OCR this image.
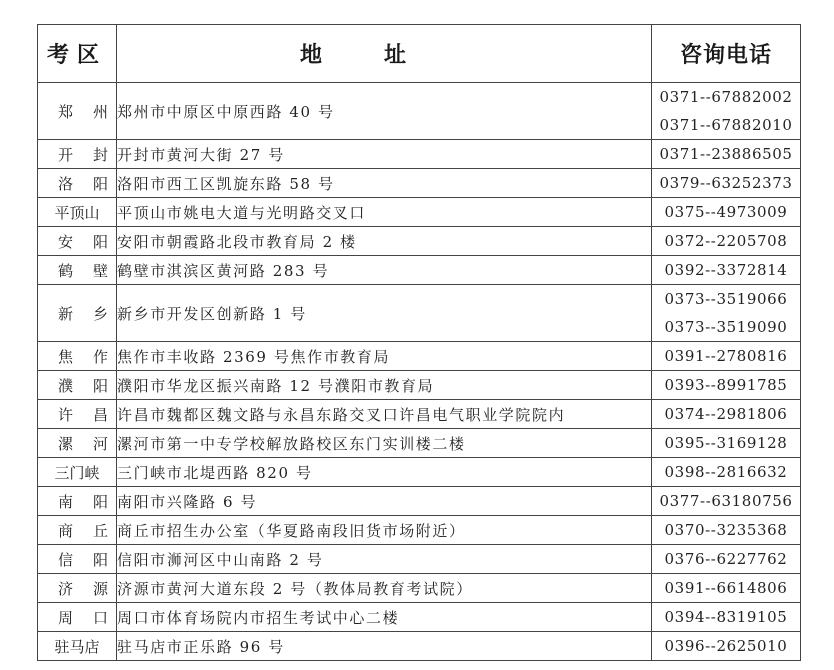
考区	地址	咨询电话
郑州	郑州市中原区中原西路 40 号	0371--67882002
0371--67882010

开封	开封市黄河大街 27 号	0371--23886505

洛阳	洛阳市西工区凯旋东路 58 号	0379--63252373

平顶山	平顶山市姚电大道与光明路交叉口	0375--4973009

安阳	安阳市朝霞路北段市教育局 2 楼	0372--2205708

鹤壁	鹤壁市淇滨区黄河路 283 号	0392--3372814

新乡	新乡市开发区创新路 1 号	0373--3519066
0373--3519090

焦作	焦作市丰收路 2369 号焦作市教育局	0391--2780816

濮阳	濮阳市华龙区振兴南路 12 号濮阳市教育局	0393--8991785

许昌	许昌市魏都区魏文路与永昌东路交叉口许昌电气职业学院院内	0374--2981806

漯河	漯河市第一中专学校解放路校区东门实训楼二楼	0395--3169128

三门峡	三门峡市北堤西路 820 号	0398--2816632

南阳	南阳市兴隆路 6 号	0377--63180756

商丘	商丘市招生办公室（华夏路南段旧货市场附近）	0370--3235368

信阳	信阳市浉河区中山南路 2 号	0376--6227762

济源	济源市黄河大道东段 2 号（教体局教育考试院）	0391--6614806

周口	周口市体育场院内市招生考试中心二楼	0394--8319105

驻马店	驻马店市正乐路 96 号	0396--2625010
